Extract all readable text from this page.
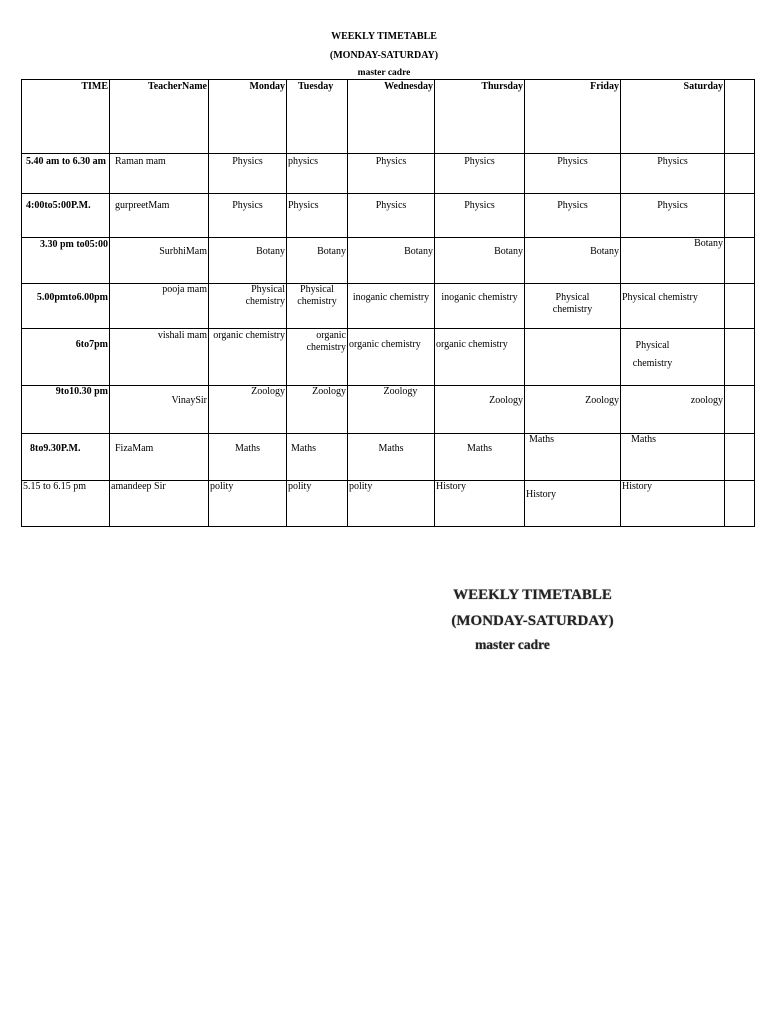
WEEKLY TIMETABLE
(MONDAY-SATURDAY)
master cadre
TIME	TeacherName	Monday	Tuesday	Wednesday	Thursday	Friday	Saturday	
5.40 am to 6.30 am	Raman mam	Physics	physics	Physics	Physics	Physics	Physics	
4:00to5:00P.M.	gurpreetMam	Physics	Physics	Physics	Physics	Physics	Physics	
3.30 pm to05:00	SurbhiMam	Botany	Botany	Botany	Botany	Botany	Botany	
5.00pmto6.00pm	pooja mam	Physical chemistry	Physical chemistry	inoganic chemistry	inoganic chemistry	Physical chemistry	Physical chemistry	
6to7pm	vishali mam	organic chemistry	organic chemistry	organic chemistry	organic chemistry		Physical chemistry	
9to10.30 pm	VinaySir	Zoology	Zoology	Zoology	Zoology	Zoology	zoology	
8to9.30P.M.	FizaMam	Maths	Maths	Maths	Maths	Maths	Maths	
5.15 to 6.15 pm	amandeep Sir	polity	polity	polity	History	History	History	
WEEKLY TIMETABLE
(MONDAY-SATURDAY)
master cadre
